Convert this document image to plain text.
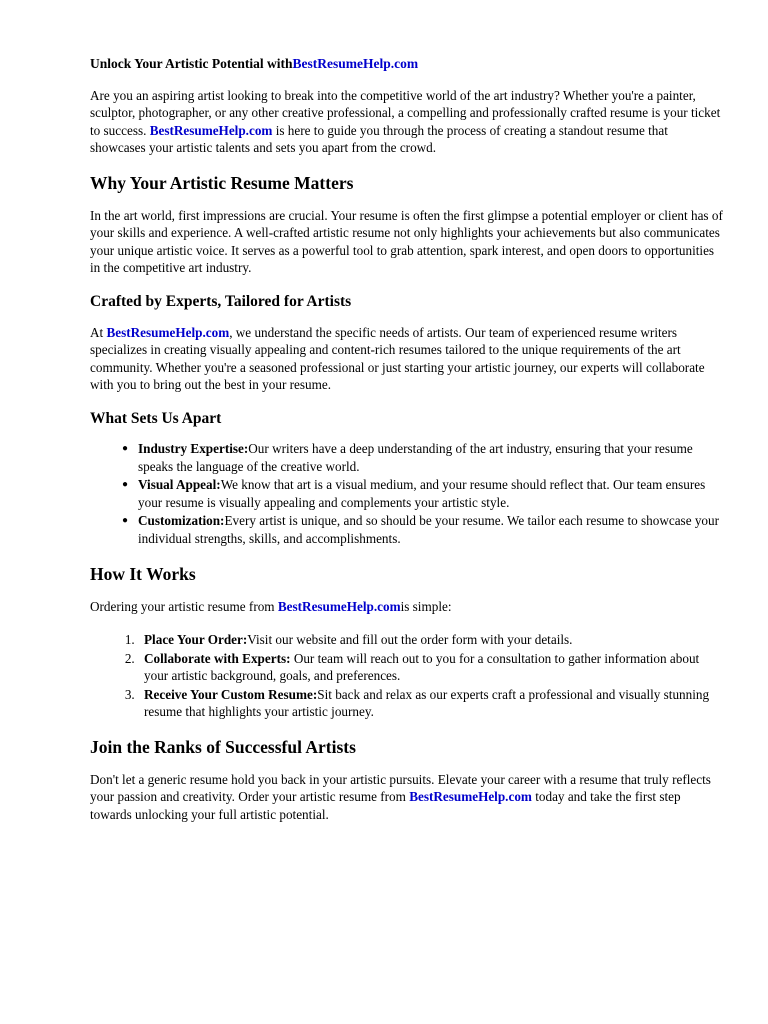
Unlock Your Artistic Potential withBestResumeHelp.com

Are you an aspiring artist looking to break into the competitive world of the art industry? Whether you're a painter, sculptor, photographer, or any other creative professional, a compelling and professionally crafted resume is your ticket to success. BestResumeHelp.com is here to guide you through the process of creating a standout resume that showcases your artistic talents and sets you apart from the crowd.

Why Your Artistic Resume Matters

In the art world, first impressions are crucial. Your resume is often the first glimpse a potential employer or client has of your skills and experience. A well-crafted artistic resume not only highlights your achievements but also communicates your unique artistic voice. It serves as a powerful tool to grab attention, spark interest, and open doors to opportunities in the competitive art industry.

Crafted by Experts, Tailored for Artists

At BestResumeHelp.com, we understand the specific needs of artists. Our team of experienced resume writers specializes in creating visually appealing and content-rich resumes tailored to the unique requirements of the art community. Whether you're a seasoned professional or just starting your artistic journey, our experts will collaborate with you to bring out the best in your resume.

What Sets Us Apart
● Industry Expertise:Our writers have a deep understanding of the art industry, ensuring that your resume speaks the language of the creative world.
● Visual Appeal:We know that art is a visual medium, and your resume should reflect that. Our team ensures your resume is visually appealing and complements your artistic style.
● Customization:Every artist is unique, and so should be your resume. We tailor each resume to showcase your individual strengths, skills, and accomplishments.
How It Works

Ordering your artistic resume from BestResumeHelp.comis simple:

1. Place Your Order:Visit our website and fill out the order form with your details.
2. Collaborate with Experts: Our team will reach out to you for a consultation to gather information about your artistic background, goals, and preferences.
3. Receive Your Custom Resume:Sit back and relax as our experts craft a professional and visually stunning resume that highlights your artistic journey.
Join the Ranks of Successful Artists

Don't let a generic resume hold you back in your artistic pursuits. Elevate your career with a resume that truly reflects your passion and creativity. Order your artistic resume from BestResumeHelp.com today and take the first step towards unlocking your full artistic potential.
